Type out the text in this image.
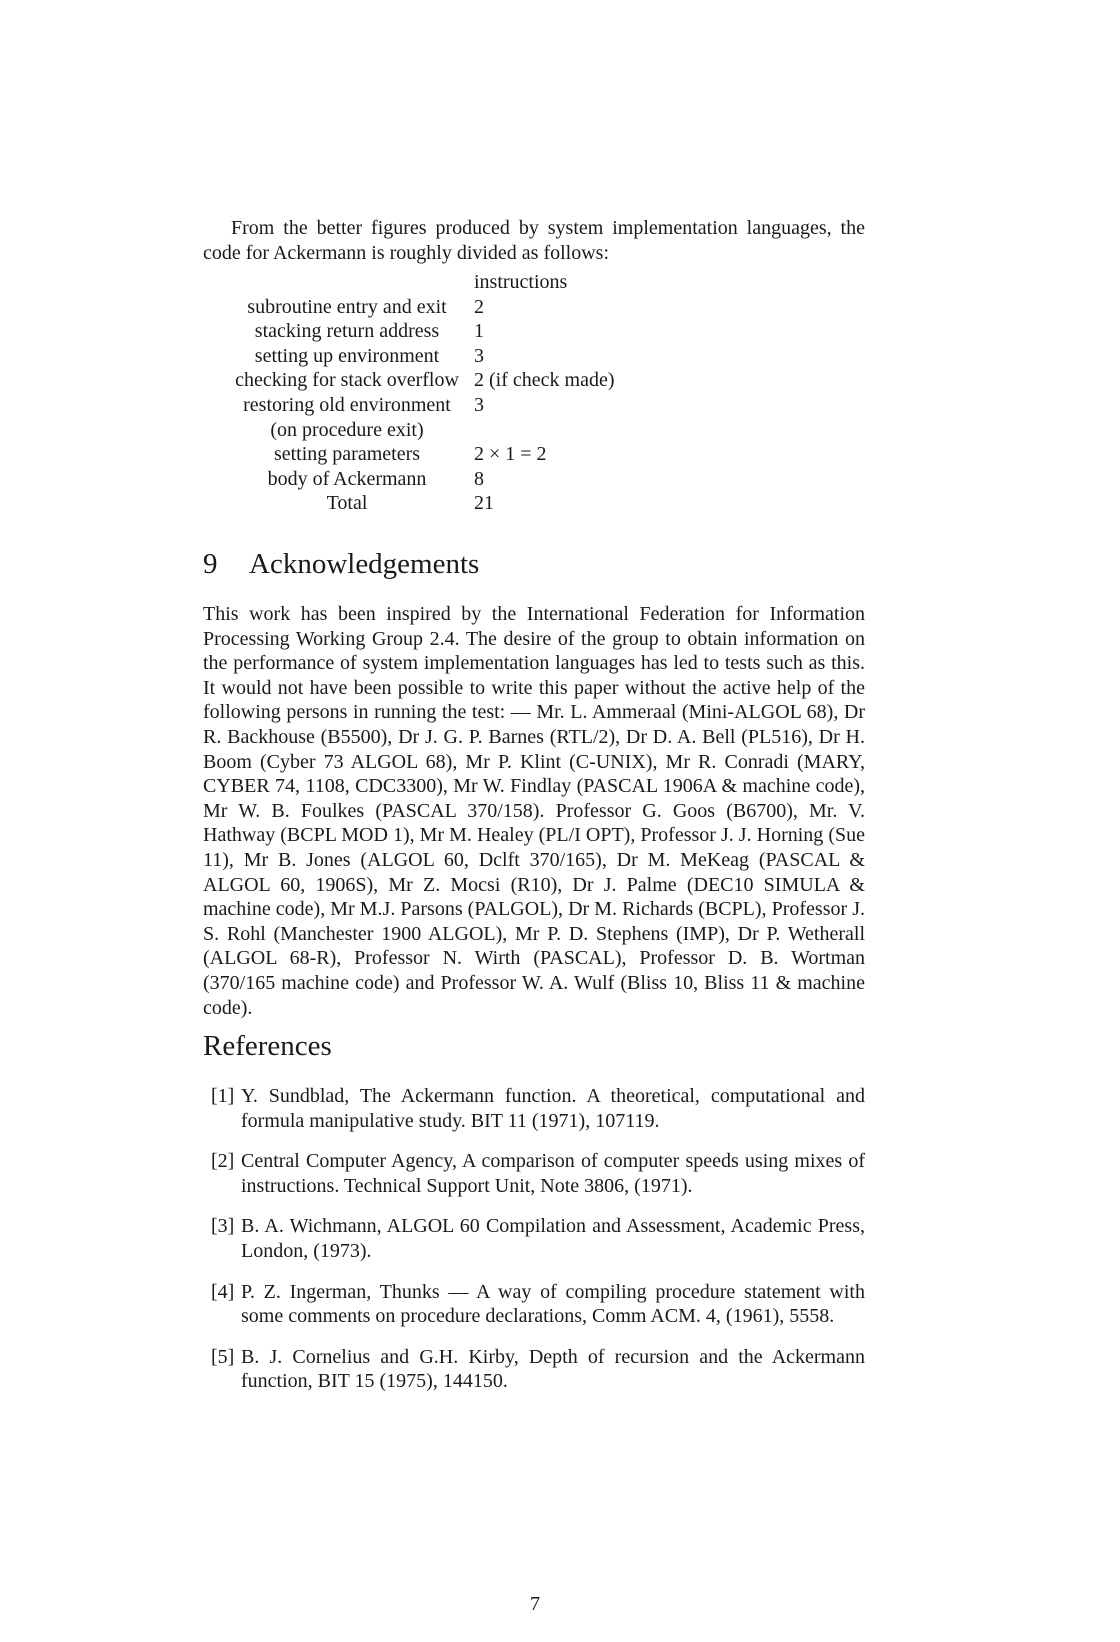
From the better figures produced by system implementation languages, the code for Ackermann is roughly divided as follows:

	instructions
subroutine entry and exit	2
stacking return address	1
setting up environment	3
checking for stack overflow	2 (if check made)
restoring old environment	3
(on procedure exit)	
setting parameters	2 × 1 = 2
body of Ackermann	8
Total	21
9 Acknowledgements

This work has been inspired by the International Federation for Information Processing Working Group 2.4. The desire of the group to obtain information on the performance of system implementation languages has led to tests such as this. It would not have been possible to write this paper without the active help of the following persons in running the test: — Mr. L. Ammeraal (Mini-ALGOL 68), Dr R. Backhouse (B5500), Dr J. G. P. Barnes (RTL/2), Dr D. A. Bell (PL516), Dr H. Boom (Cyber 73 ALGOL 68), Mr P. Klint (C-UNIX), Mr R. Conradi (MARY, CYBER 74, 1108, CDC3300), Mr W. Findlay (PASCAL 1906A & machine code), Mr W. B. Foulkes (PASCAL 370/158). Professor G. Goos (B6700), Mr. V. Hathway (BCPL MOD 1), Mr M. Healey (PL/I OPT), Professor J. J. Horning (Sue 11), Mr B. Jones (ALGOL 60, Dclft 370/165), Dr M. MeKeag (PASCAL & ALGOL 60, 1906S), Mr Z. Mocsi (R10), Dr J. Palme (DEC10 SIMULA & machine code), Mr M.J. Parsons (PALGOL), Dr M. Richards (BCPL), Professor J. S. Rohl (Manchester 1900 ALGOL), Mr P. D. Stephens (IMP), Dr P. Wetherall (ALGOL 68-R), Professor N. Wirth (PASCAL), Professor D. B. Wortman (370/165 machine code) and Professor W. A. Wulf (Bliss 10, Bliss 11 & machine code).

References
[1] Y. Sundblad, The Ackermann function. A theoretical, computational and formula manipulative study. BIT 11 (1971), 107119.
[2] Central Computer Agency, A comparison of computer speeds using mixes of instructions. Technical Support Unit, Note 3806, (1971).
[3] B. A. Wichmann, ALGOL 60 Compilation and Assessment, Academic Press, London, (1973).
[4] P. Z. Ingerman, Thunks — A way of compiling procedure statement with some comments on procedure declarations, Comm ACM. 4, (1961), 5558.
[5] B. J. Cornelius and G.H. Kirby, Depth of recursion and the Ackermann function, BIT 15 (1975), 144150.
7
